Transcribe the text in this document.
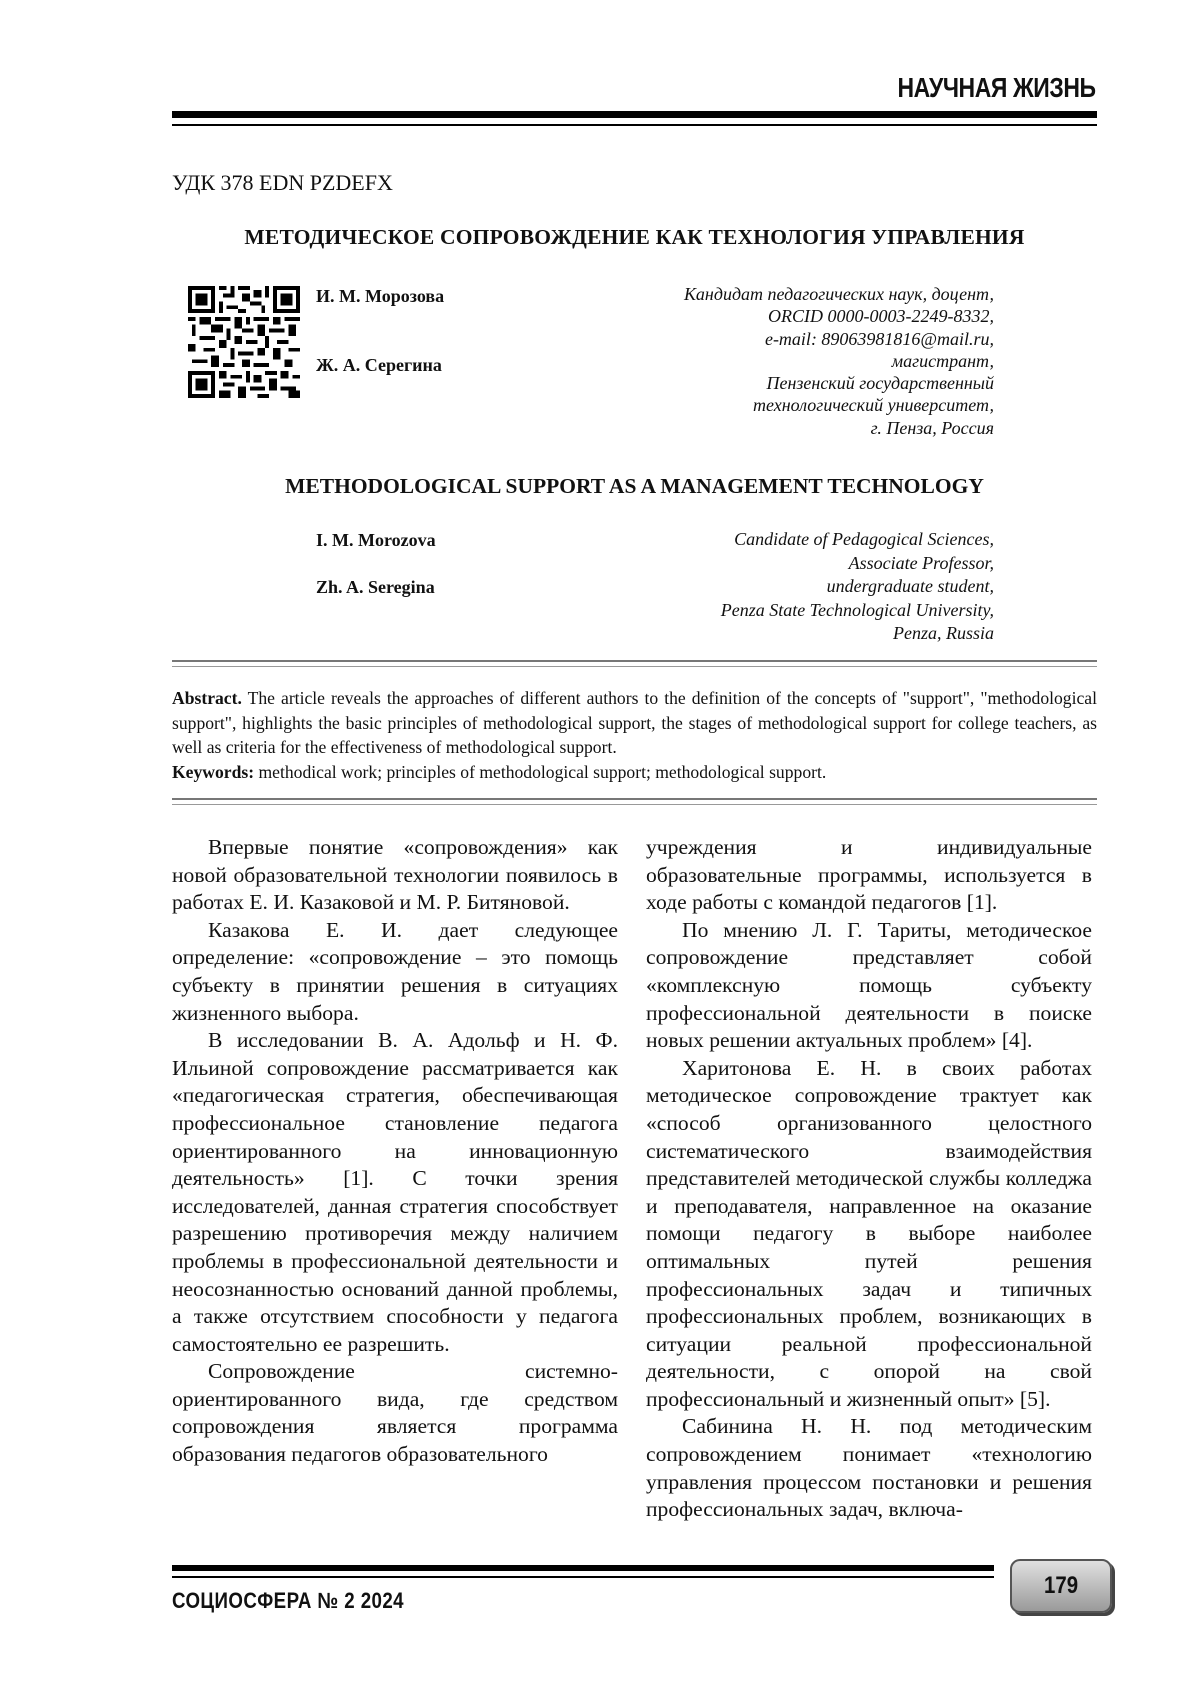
НАУЧНАЯ ЖИЗНЬ
УДК 378 EDN PZDEFX
МЕТОДИЧЕСКОЕ СОПРОВОЖДЕНИЕ КАК ТЕХНОЛОГИЯ УПРАВЛЕНИЯ
И. М. Морозова
Ж. А. Серегина
Кандидат педагогических наук, доцент,
ORCID 0000-0003-2249-8332,
e-mail: 89063981816@mail.ru,
магистрант,
Пензенский государственный
технологический университет,
г. Пенза, Россия
METHODOLOGICAL SUPPORT AS A MANAGEMENT TECHNOLOGY
I. M. Morozova
Zh. A. Seregina
Candidate of Pedagogical Sciences,
Associate Professor,
undergraduate student,
Penza State Technological University,
Penza, Russia
Abstract. The article reveals the approaches of different authors to the definition of the concepts of "support", "methodological support", highlights the basic principles of methodological support, the stages of methodological support for college teachers, as well as criteria for the effectiveness of methodological support.
Keywords: methodical work; principles of methodological support; methodological support.

Впервые понятие «сопровождения» как новой образовательной технологии появилось в работах Е. И. Казаковой и М. Р. Битяновой.

Казакова Е. И. дает следующее определение: «сопровождение – это помощь субъекту в принятии решения в ситуациях жизненного выбора.

В исследовании В. А. Адольф и Н. Ф. Ильиной сопровождение рассматривается как «педагогическая стратегия, обеспечивающая профессиональное становление педагога ориентированного на инновационную деятельность» [1]. С точки зрения исследователей, данная стратегия способствует разрешению противоречия между наличием проблемы в профессиональной деятельности и неосознанностью оснований данной проблемы, а также отсутствием способности у педагога самостоятельно ее разрешить.

Сопровождение системно-ориентированного вида, где средством сопровождения является программа образования педагогов образовательного

учреждения и индивидуальные образовательные программы, используется в ходе работы с командой педагогов [1].

По мнению Л. Г. Тариты, методическое сопровождение представляет собой «комплексную помощь субъекту профессиональной деятельности в поиске новых решении актуальных проблем» [4].

Харитонова Е. Н. в своих работах методическое сопровождение трактует как «способ организованного целостного систематического взаимодействия представителей методической службы колледжа и преподавателя, направленное на оказание помощи педагогу в выборе наиболее оптимальных путей решения профессиональных задач и типичных профессиональных проблем, возникающих в ситуации реальной профессиональной деятельности, с опорой на свой профессиональный и жизненный опыт» [5].

Сабинина Н. Н. под методическим сопровождением понимает «технологию управления процессом постановки и решения профессиональных задач, включа-

СОЦИОСФЕРА № 2 2024
179
